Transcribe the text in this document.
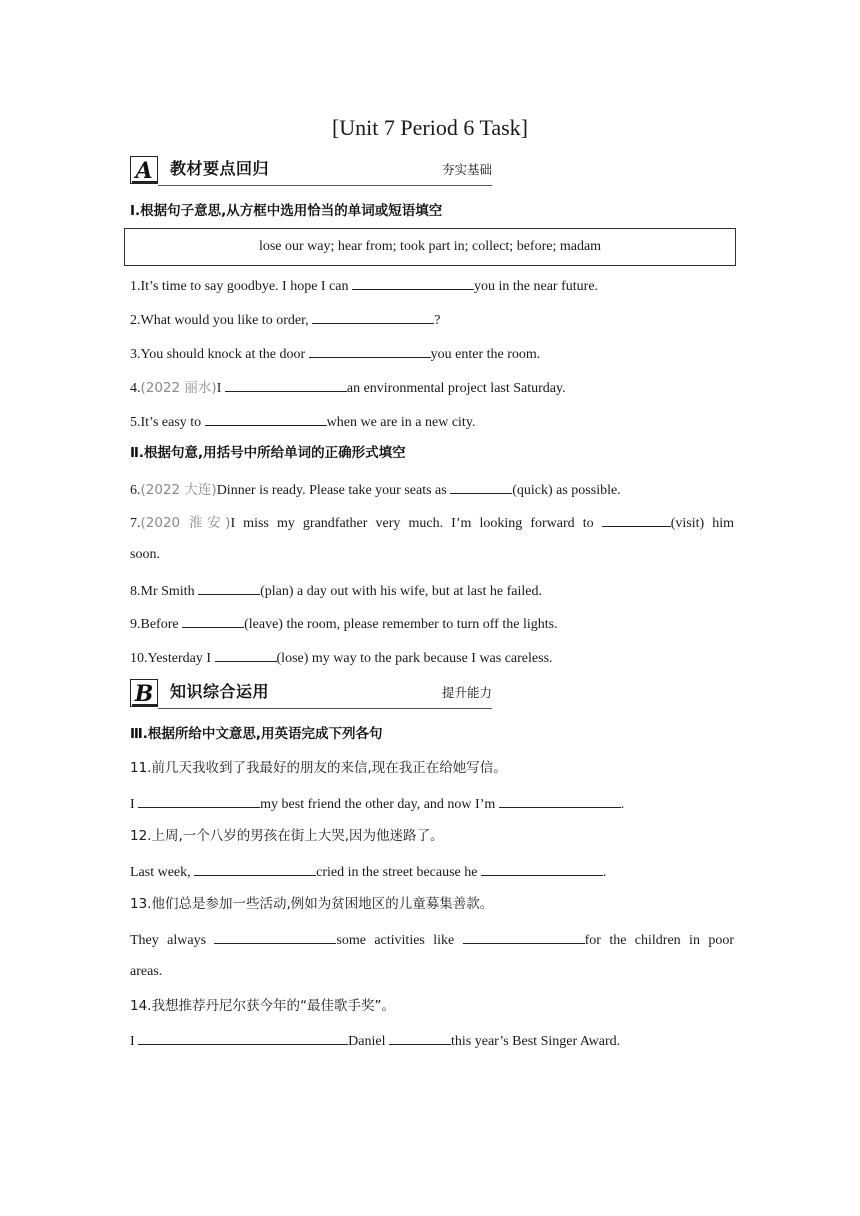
[Unit 7 Period 6 Task]
A 教材要点回归	夯实基础
Ⅰ.根据句子意思,从方框中选用恰当的单词或短语填空
lose our way; hear from; took part in; collect; before; madam
1.It’s time to say goodbye. I hope I can	you in the near future.
2.What would you like to order,	?
3.You should knock at the door	you enter the room.
4.(2022 丽水)I	an environmental project last Saturday.
5.It’s easy to	when we are in a new city.
Ⅱ.根据句意,用括号中所给单词的正确形式填空
6.(2022 大连)Dinner is ready. Please take your seats as	(quick) as possible.
7.(2020 淮安)I miss my grandfather very much. I’m looking forward to	(visit) him
soon.
8.Mr Smith	(plan) a day out with his wife, but at last he failed.
9.Before	(leave) the room, please remember to turn off the lights.
10.Yesterday I	(lose) my way to the park because I was careless.
B 知识综合运用	提升能力
Ⅲ.根据所给中文意思,用英语完成下列各句
11.前几天我收到了我最好的朋友的来信,现在我正在给她写信。
I	my best friend the other day, and now I’m	.
12.上周,一个八岁的男孩在街上大哭,因为他迷路了。
Last week,	cried in the street because he	.
13.他们总是参加一些活动,例如为贫困地区的儿童募集善款。
They always	some activities like	for the children in poor
areas.
14.我想推荐丹尼尔获今年的“最佳歌手奖”。
I	Daniel	this year’s Best Singer Award.
